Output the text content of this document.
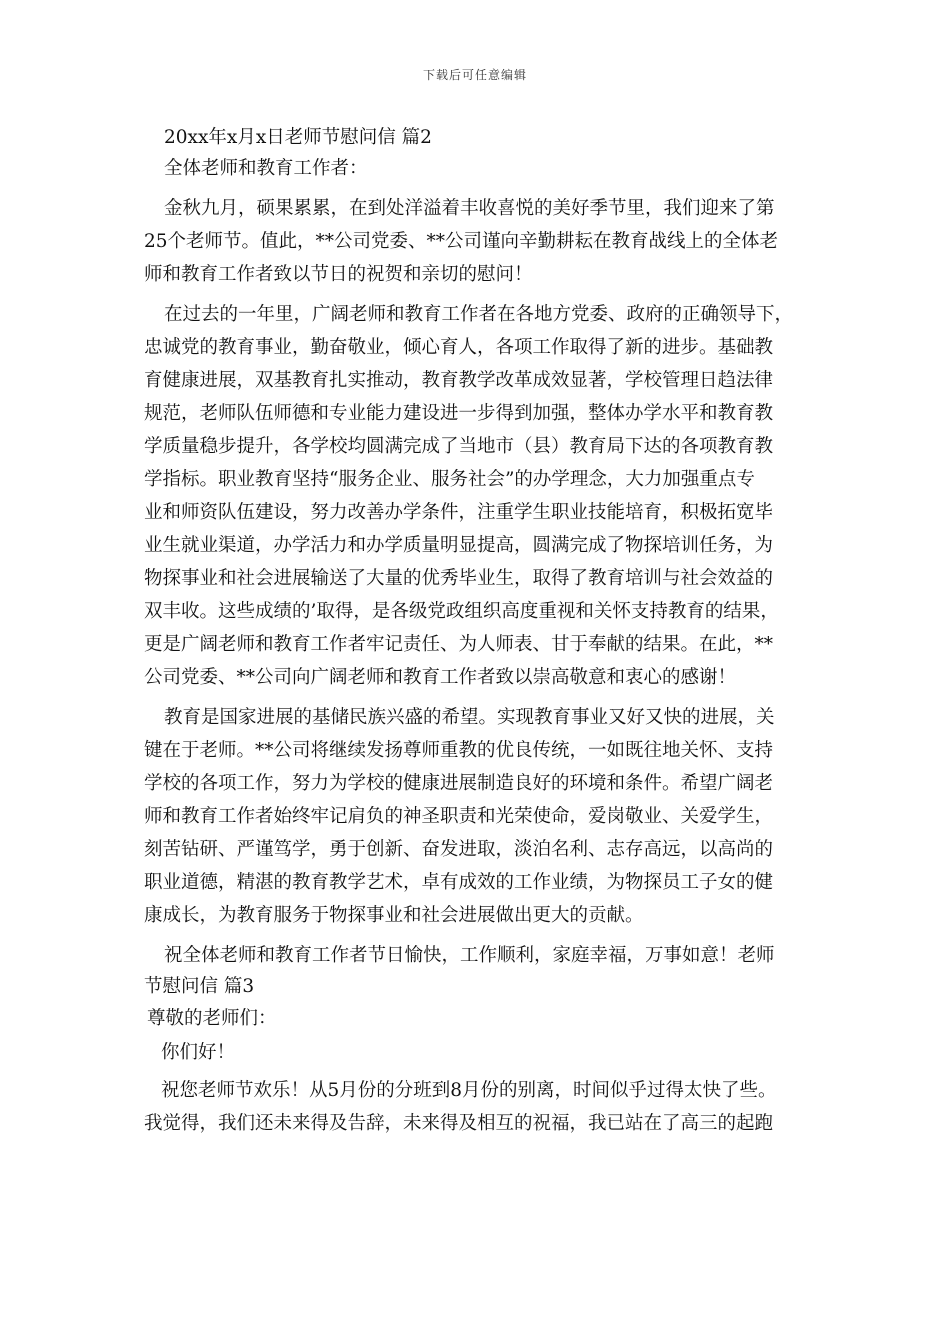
下载后可任意编辑
20xx年x月x日老师节慰问信 篇2
全体老师和教育工作者：
金秋九月，硕果累累，在到处洋溢着丰收喜悦的美好季节里，我们迎来了第
25个老师节。值此，**公司党委、**公司谨向辛勤耕耘在教育战线上的全体老
师和教育工作者致以节日的祝贺和亲切的慰问！
在过去的一年里，广阔老师和教育工作者在各地方党委、政府的正确领导下，
忠诚党的教育事业，勤奋敬业，倾心育人，各项工作取得了新的进步。基础教
育健康进展，双基教育扎实推动，教育教学改革成效显著，学校管理日趋法律
规范，老师队伍师德和专业能力建设进一步得到加强，整体办学水平和教育教
学质量稳步提升，各学校均圆满完成了当地市（县）教育局下达的各项教育教
学指标。职业教育坚持“服务企业、服务社会”的办学理念，大力加强重点专
业和师资队伍建设，努力改善办学条件，注重学生职业技能培育，积极拓宽毕
业生就业渠道，办学活力和办学质量明显提高，圆满完成了物探培训任务，为
物探事业和社会进展输送了大量的优秀毕业生，取得了教育培训与社会效益的
双丰收。这些成绩的’取得，是各级党政组织高度重视和关怀支持教育的结果，
更是广阔老师和教育工作者牢记责任、为人师表、甘于奉献的结果。在此，**
公司党委、**公司向广阔老师和教育工作者致以崇高敬意和衷心的感谢！
教育是国家进展的基储民族兴盛的希望。实现教育事业又好又快的进展，关
键在于老师。**公司将继续发扬尊师重教的优良传统，一如既往地关怀、支持
学校的各项工作，努力为学校的健康进展制造良好的环境和条件。希望广阔老
师和教育工作者始终牢记肩负的神圣职责和光荣使命，爱岗敬业、关爱学生，
刻苦钻研、严谨笃学，勇于创新、奋发进取，淡泊名利、志存高远，以高尚的
职业道德，精湛的教育教学艺术，卓有成效的工作业绩，为物探员工子女的健
康成长，为教育服务于物探事业和社会进展做出更大的贡献。
祝全体老师和教育工作者节日愉快，工作顺利，家庭幸福，万事如意！老师
节慰问信 篇3
尊敬的老师们：
你们好！
祝您老师节欢乐！从5月份的分班到8月份的别离，时间似乎过得太快了些。
我觉得，我们还未来得及告辞，未来得及相互的祝福，我已站在了高三的起跑
